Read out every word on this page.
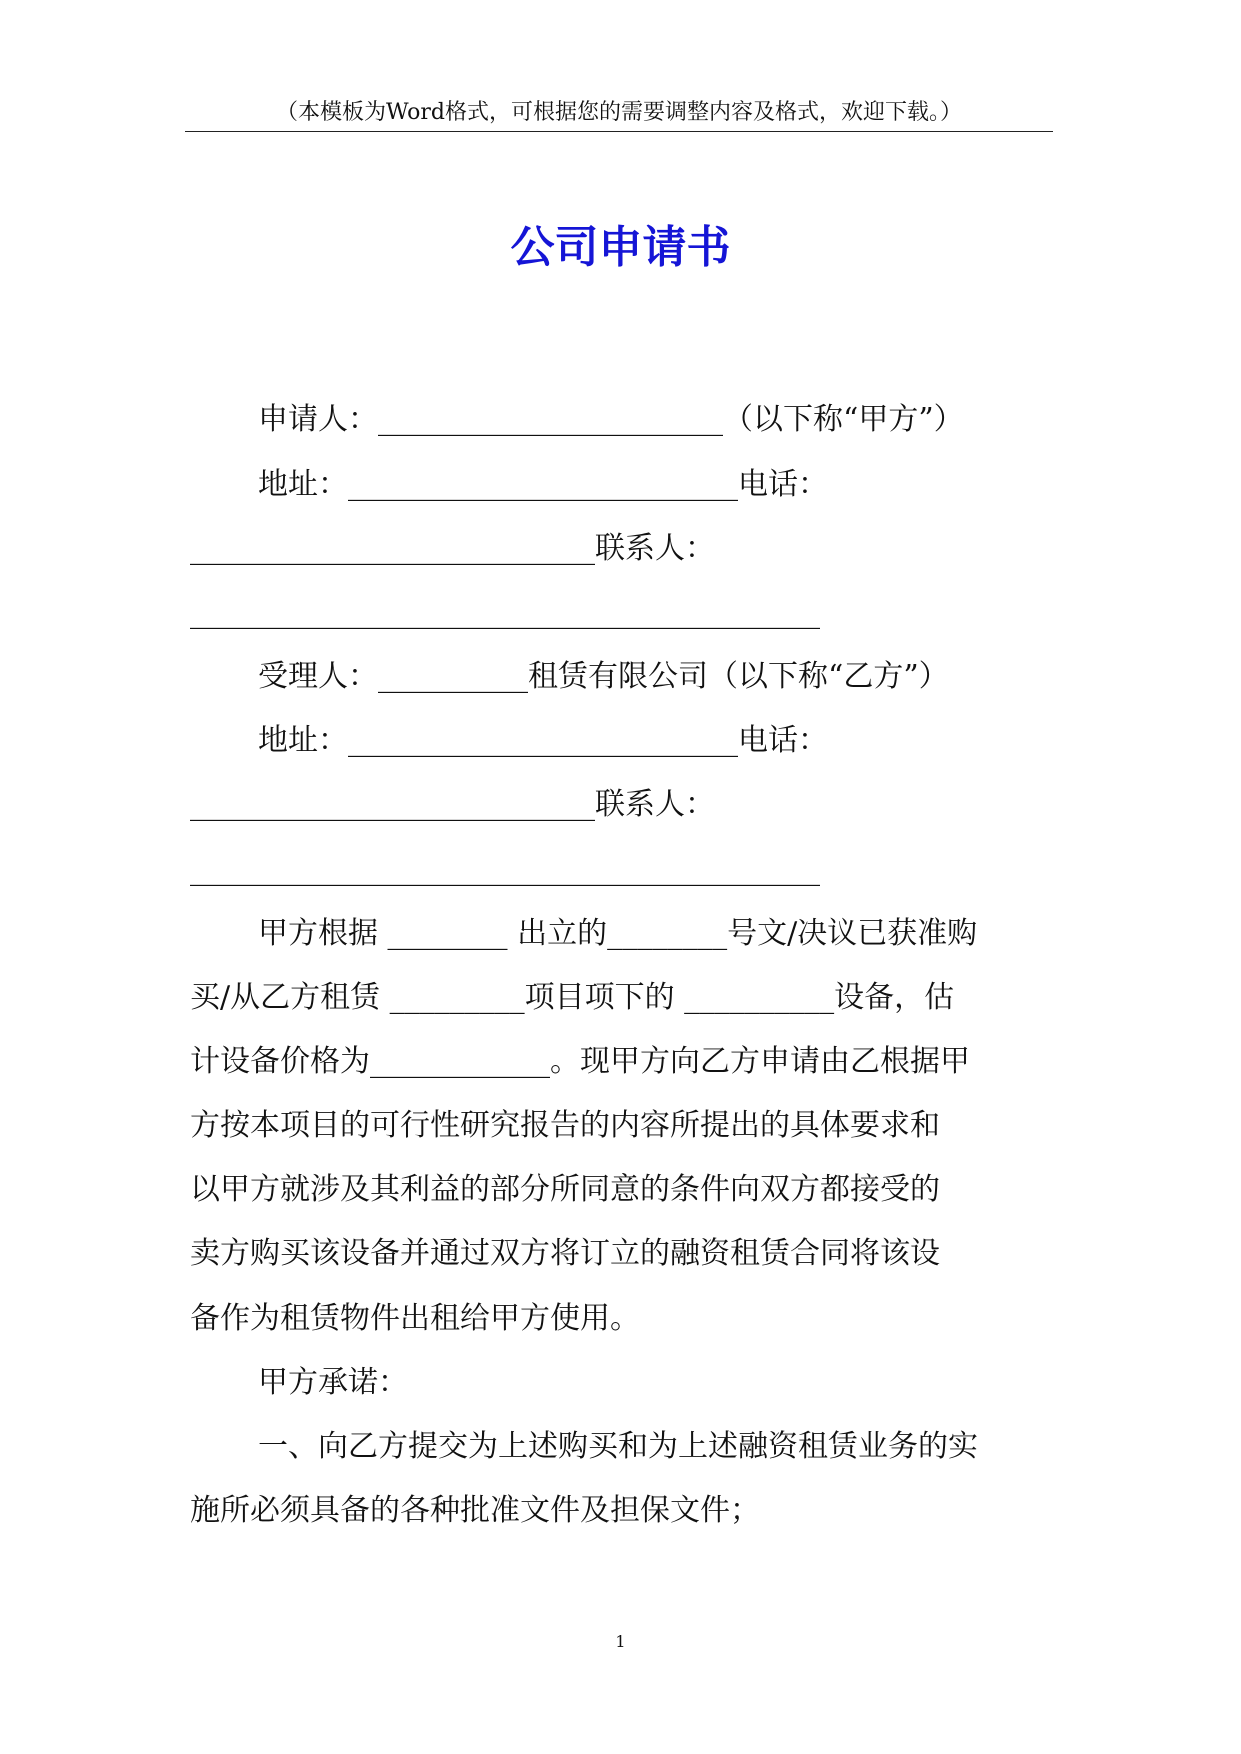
（本模板为Word格式，可根据您的需要调整内容及格式，欢迎下载。）
公司申请书
申请人：_______________________（以下称“甲方”）
地址：__________________________电话：
___________________________联系人：
__________________________________________
受理人：__________租赁有限公司（以下称“乙方”）
地址：__________________________电话：
___________________________联系人：
__________________________________________
甲方根据 ________ 出立的________号文/决议已获准购
买/从乙方租赁 _________项目项下的 __________设备，估
计设备价格为____________。现甲方向乙方申请由乙根据甲
方按本项目的可行性研究报告的内容所提出的具体要求和
以甲方就涉及其利益的部分所同意的条件向双方都接受的
卖方购买该设备并通过双方将订立的融资租赁合同将该设
备作为租赁物件出租给甲方使用。
甲方承诺：
一、向乙方提交为上述购买和为上述融资租赁业务的实
施所必须具备的各种批准文件及担保文件；
1
